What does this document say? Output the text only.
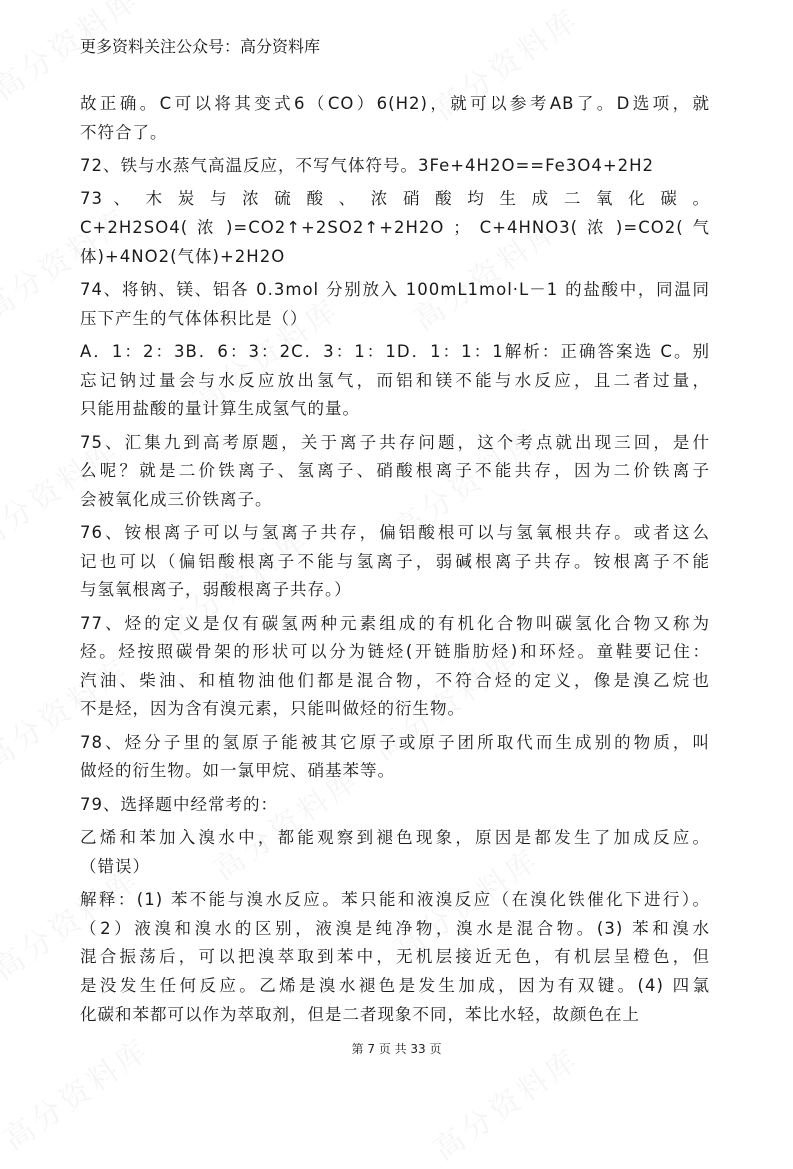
更多资料关注公众号：高分资料库
故正确。C可以将其变式6（CO）6(H2)，就可以参考AB了。D选项，就
不符合了。
72、铁与水蒸气高温反应，不写气体符号。3Fe+4H2O==Fe3O4+2H2
73 、 木 炭 与 浓 硫 酸 、 浓 硝 酸 均 生 成 二 氧 化 碳 。
C+2H2SO4( 浓 )=CO2↑+2SO2↑+2H2O ； C+4HNO3( 浓 )=CO2( 气
体)+4NO2(气体)+2H2O
74、将钠、镁、铝各 0.3mol 分别放入 100mL1mol·L－1 的盐酸中，同温同
压下产生的气体体积比是（）
A．1：2：3B．6：3：2C．3：1：1D．1：1：1解析：正确答案选 C。别
忘记钠过量会与水反应放出氢气，而铝和镁不能与水反应，且二者过量，
只能用盐酸的量计算生成氢气的量。
75、汇集九到高考原题，关于离子共存问题，这个考点就出现三回，是什
么呢？就是二价铁离子、氢离子、硝酸根离子不能共存，因为二价铁离子
会被氧化成三价铁离子。
76、铵根离子可以与氢离子共存，偏铝酸根可以与氢氧根共存。或者这么
记也可以（偏铝酸根离子不能与氢离子，弱碱根离子共存。铵根离子不能
与氢氧根离子，弱酸根离子共存。）
77、烃的定义是仅有碳氢两种元素组成的有机化合物叫碳氢化合物又称为
烃。烃按照碳骨架的形状可以分为链烃(开链脂肪烃)和环烃。童鞋要记住：
汽油、柴油、和植物油他们都是混合物，不符合烃的定义，像是溴乙烷也
不是烃，因为含有溴元素，只能叫做烃的衍生物。
78、烃分子里的氢原子能被其它原子或原子团所取代而生成别的物质，叫
做烃的衍生物。如一氯甲烷、硝基苯等。
79、选择题中经常考的：
乙烯和苯加入溴水中，都能观察到褪色现象，原因是都发生了加成反应。
（错误）
解释：(1) 苯不能与溴水反应。苯只能和液溴反应（在溴化铁催化下进行）。
（2）液溴和溴水的区别，液溴是纯净物，溴水是混合物。(3) 苯和溴水
混合振荡后，可以把溴萃取到苯中，无机层接近无色，有机层呈橙色，但
是没发生任何反应。乙烯是溴水褪色是发生加成，因为有双键。(4) 四氯
化碳和苯都可以作为萃取剂，但是二者现象不同，苯比水轻，故颜色在上
第 7 页 共 33 页
